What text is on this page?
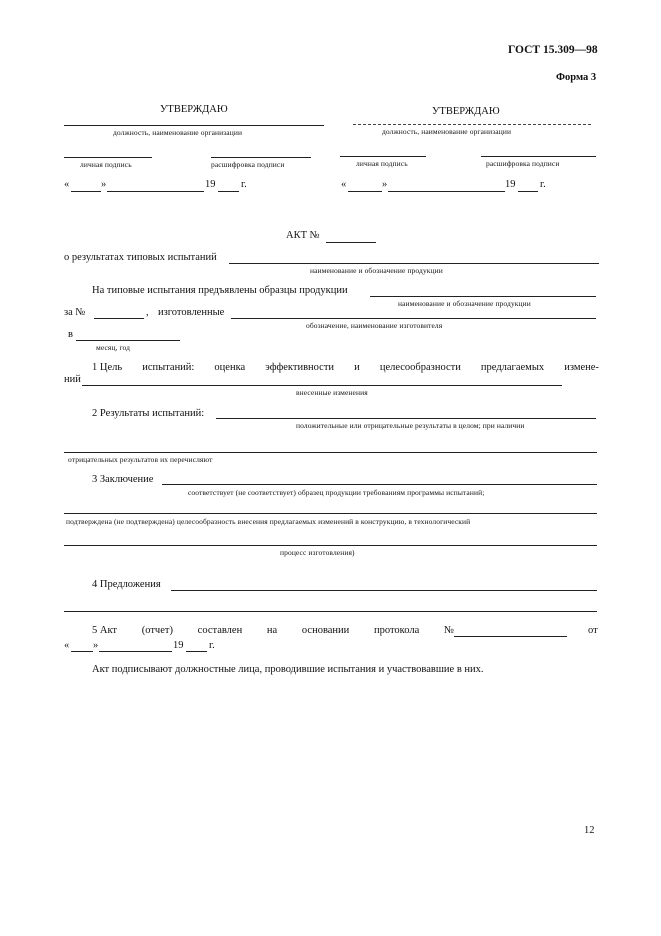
ГОСТ 15.309—98
Форма 3
УТВЕРЖДАЮ
должность, наименование организации
личная подпись	расшифровка подписи
«	»	19 г.
УТВЕРЖДАЮ
должность, наименование организации
личная подпись	расшифровка подписи
«	»	19 г.
АКТ №
о результатах типовых испытаний
наименование и обозначение продукции
На типовые испытания предъявлены образцы продукции
наименование и обозначение продукции
за №	, изготовленные
обозначение, наименование изготовителя
в
месяц, год
1 Цель испытаний: оценка эффективности и целесообразности предлагаемых измене-
ний
внесенные изменения
2 Результаты испытаний:
положительные или отрицательные результаты в целом; при наличии
отрицательных результатов их перечисляют
3 Заключение
соответствует (не соответствует) образец продукции требованиям программы испытаний;
подтверждена (не подтверждена) целесообразность внесения предлагаемых изменений в конструкцию, в технологический
процесс изготовления)
4 Предложения
5 Акт (отчет) составлен на основании протокола №	от
« »	19 г.
Акт подписывают должностные лица, проводившие испытания и участвовавшие в них.
12
